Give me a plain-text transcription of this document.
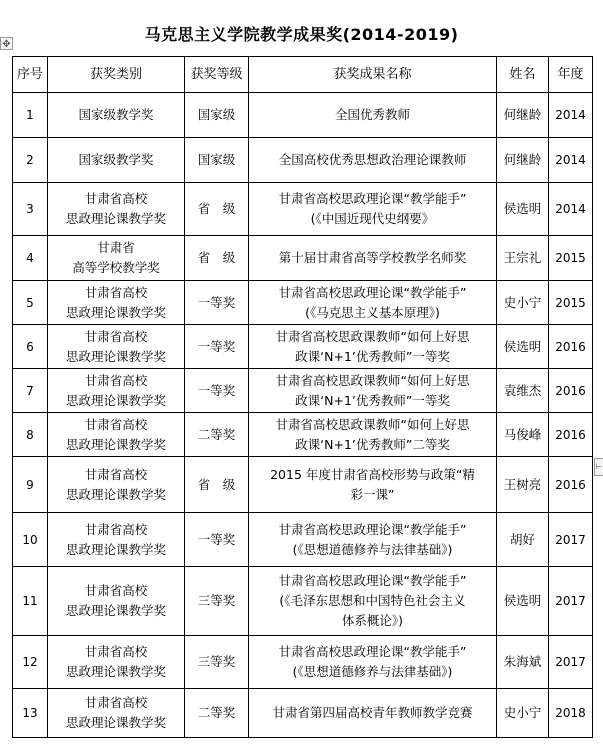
✥
马克思主义学院教学成果奖(2014-2019)
⊢
序号	获奖类别	获奖等级	获奖成果名称	姓名	年度
1	国家级教学奖	国家级	全国优秀教师	何继龄	2014
2	国家级教学奖	国家级	全国高校优秀思想政治理论课教师	何继龄	2014
3	甘肃省高校
思政理论课教学奖	省　级	甘肃省高校思政理论课“教学能手”
(《中国近现代史纲要》	侯选明	2014
4	甘肃省
高等学校教学奖	省　级	第十届甘肃省高等学校教学名师奖	王宗礼	2015
5	甘肃省高校
思政理论课教学奖	一等奖	甘肃省高校思政理论课“教学能手”
(《马克思主义基本原理》)	史小宁	2015
6	甘肃省高校
思政理论课教学奖	一等奖	甘肃省高校思政课教师“如何上好思
政课‘N+1’优秀教师”一等奖	侯选明	2016
7	甘肃省高校
思政理论课教学奖	一等奖	甘肃省高校思政课教师“如何上好思
政课‘N+1’优秀教师”一等奖	袁维杰	2016
8	甘肃省高校
思政理论课教学奖	二等奖	甘肃省高校思政课教师“如何上好思
政课‘N+1’优秀教师”二等奖	马俊峰	2016
9	甘肃省高校
思政理论课教学奖	省　级	2015 年度甘肃省高校形势与政策“精
彩一课”	王树亮	2016
10	甘肃省高校
思政理论课教学奖	一等奖	甘肃省高校思政理论课“教学能手”
(《思想道德修养与法律基础》)	胡好	2017
11	甘肃省高校
思政理论课教学奖	三等奖	甘肃省高校思政理论课“教学能手”
(《毛泽东思想和中国特色社会主义
体系概论》)	侯选明	2017
12	甘肃省高校
思政理论课教学奖	三等奖	甘肃省高校思政理论课“教学能手”
(《思想道德修养与法律基础》)	朱海斌	2017
13	甘肃省高校
思政理论课教学奖	二等奖	甘肃省第四届高校青年教师教学竞赛	史小宁	2018
